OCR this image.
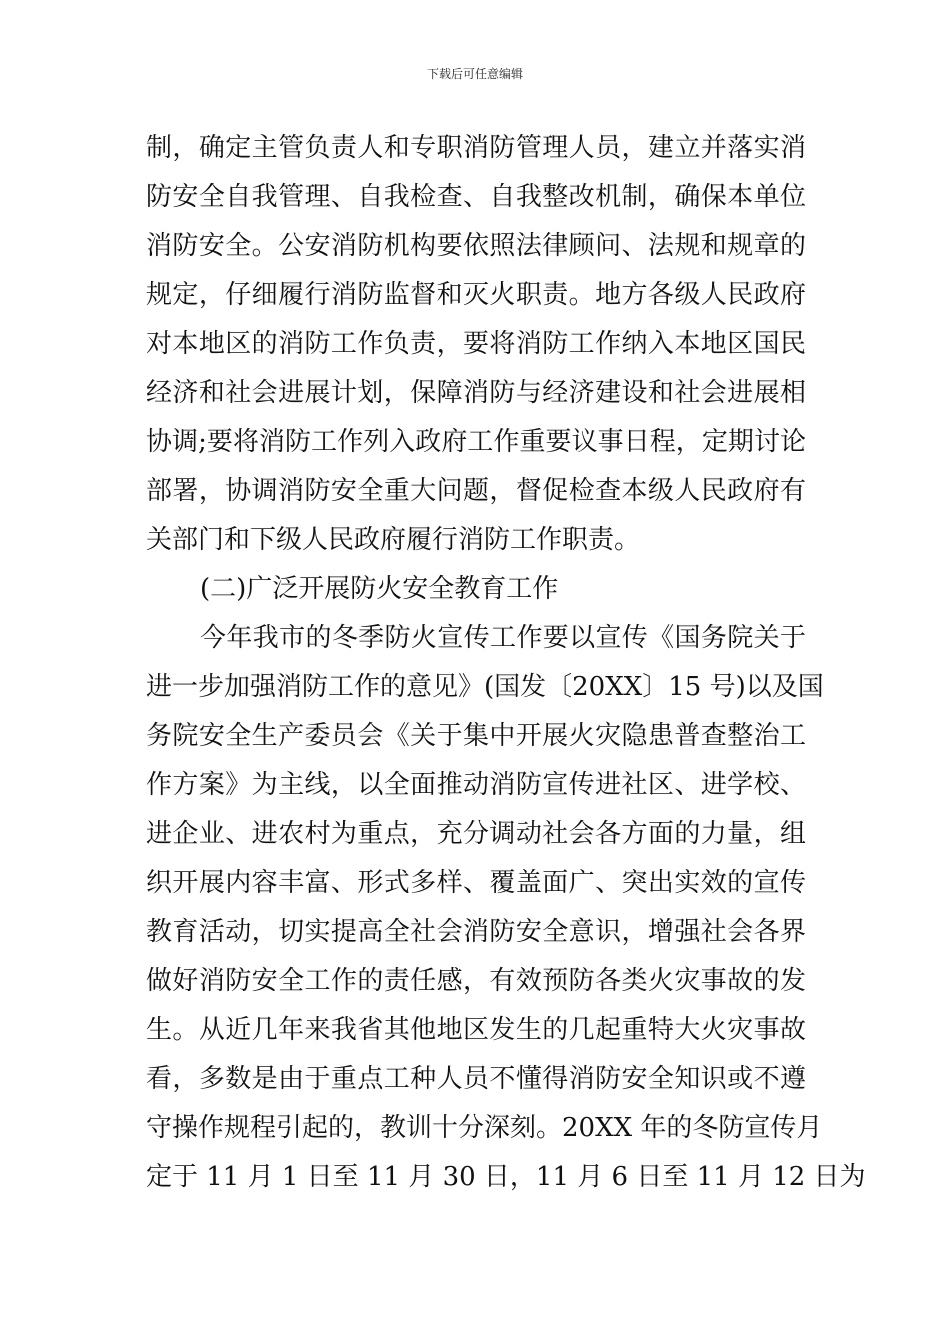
下载后可任意编辑
制，确定主管负责人和专职消防管理人员，建立并落实消
防安全自我管理、自我检查、自我整改机制，确保本单位
消防安全。公安消防机构要依照法律顾问、法规和规章的
规定，仔细履行消防监督和灭火职责。地方各级人民政府
对本地区的消防工作负责，要将消防工作纳入本地区国民
经济和社会进展计划，保障消防与经济建设和社会进展相
协调;要将消防工作列入政府工作重要议事日程，定期讨论
部署，协调消防安全重大问题，督促检查本级人民政府有
关部门和下级人民政府履行消防工作职责。
(二)广泛开展防火安全教育工作
今年我市的冬季防火宣传工作要以宣传《国务院关于
进一步加强消防工作的意见》(国发〔20XX〕15 号)以及国
务院安全生产委员会《关于集中开展火灾隐患普查整治工
作方案》为主线，以全面推动消防宣传进社区、进学校、
进企业、进农村为重点，充分调动社会各方面的力量，组
织开展内容丰富、形式多样、覆盖面广、突出实效的宣传
教育活动，切实提高全社会消防安全意识，增强社会各界
做好消防安全工作的责任感，有效预防各类火灾事故的发
生。从近几年来我省其他地区发生的几起重特大火灾事故
看，多数是由于重点工种人员不懂得消防安全知识或不遵
守操作规程引起的，教训十分深刻。20XX 年的冬防宣传月
定于 11 月 1 日至 11 月 30 日，11 月 6 日至 11 月 12 日为
